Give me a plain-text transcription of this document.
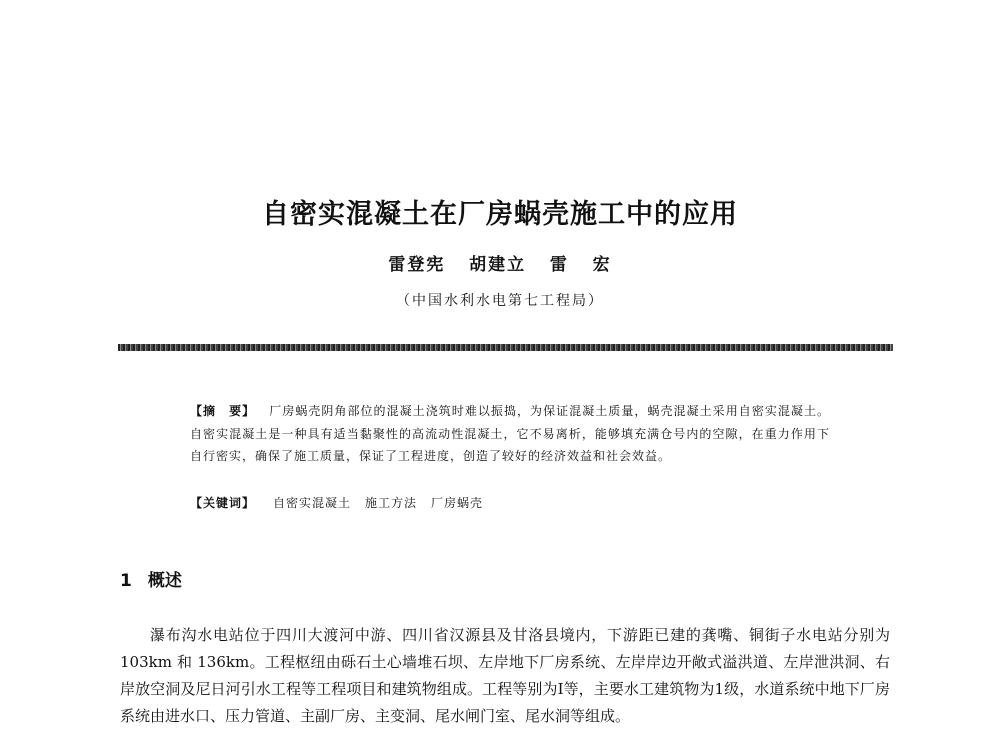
自密实混凝土在厂房蜗壳施工中的应用
雷登宪   胡建立   雷   宏
（中国水利水电第七工程局）
【摘　要】 厂房蜗壳阴角部位的混凝土浇筑时难以振捣，为保证混凝土质量，蜗壳混凝土采用自密实混凝土。自密实混凝土是一种具有适当黏聚性的高流动性混凝土，它不易离析，能够填充满仓号内的空隙，在重力作用下自行密实，确保了施工质量，保证了工程进度，创造了较好的经济效益和社会效益。
【关键词】 自密实混凝土 施工方法 厂房蜗壳
1 概述
瀑布沟水电站位于四川大渡河中游、四川省汉源县及甘洛县境内，下游距已建的龚嘴、铜街子水电站分别为 103km 和 136km。工程枢纽由砾石土心墙堆石坝、左岸地下厂房系统、左岸岸边开敞式溢洪道、左岸泄洪洞、右岸放空洞及尼日河引水工程等工程项目和建筑物组成。工程等别为Ⅰ等，主要水工建筑物为1级，水道系统中地下厂房系统由进水口、压力管道、主副厂房、主变洞、尾水闸门室、尾水洞等组成。
